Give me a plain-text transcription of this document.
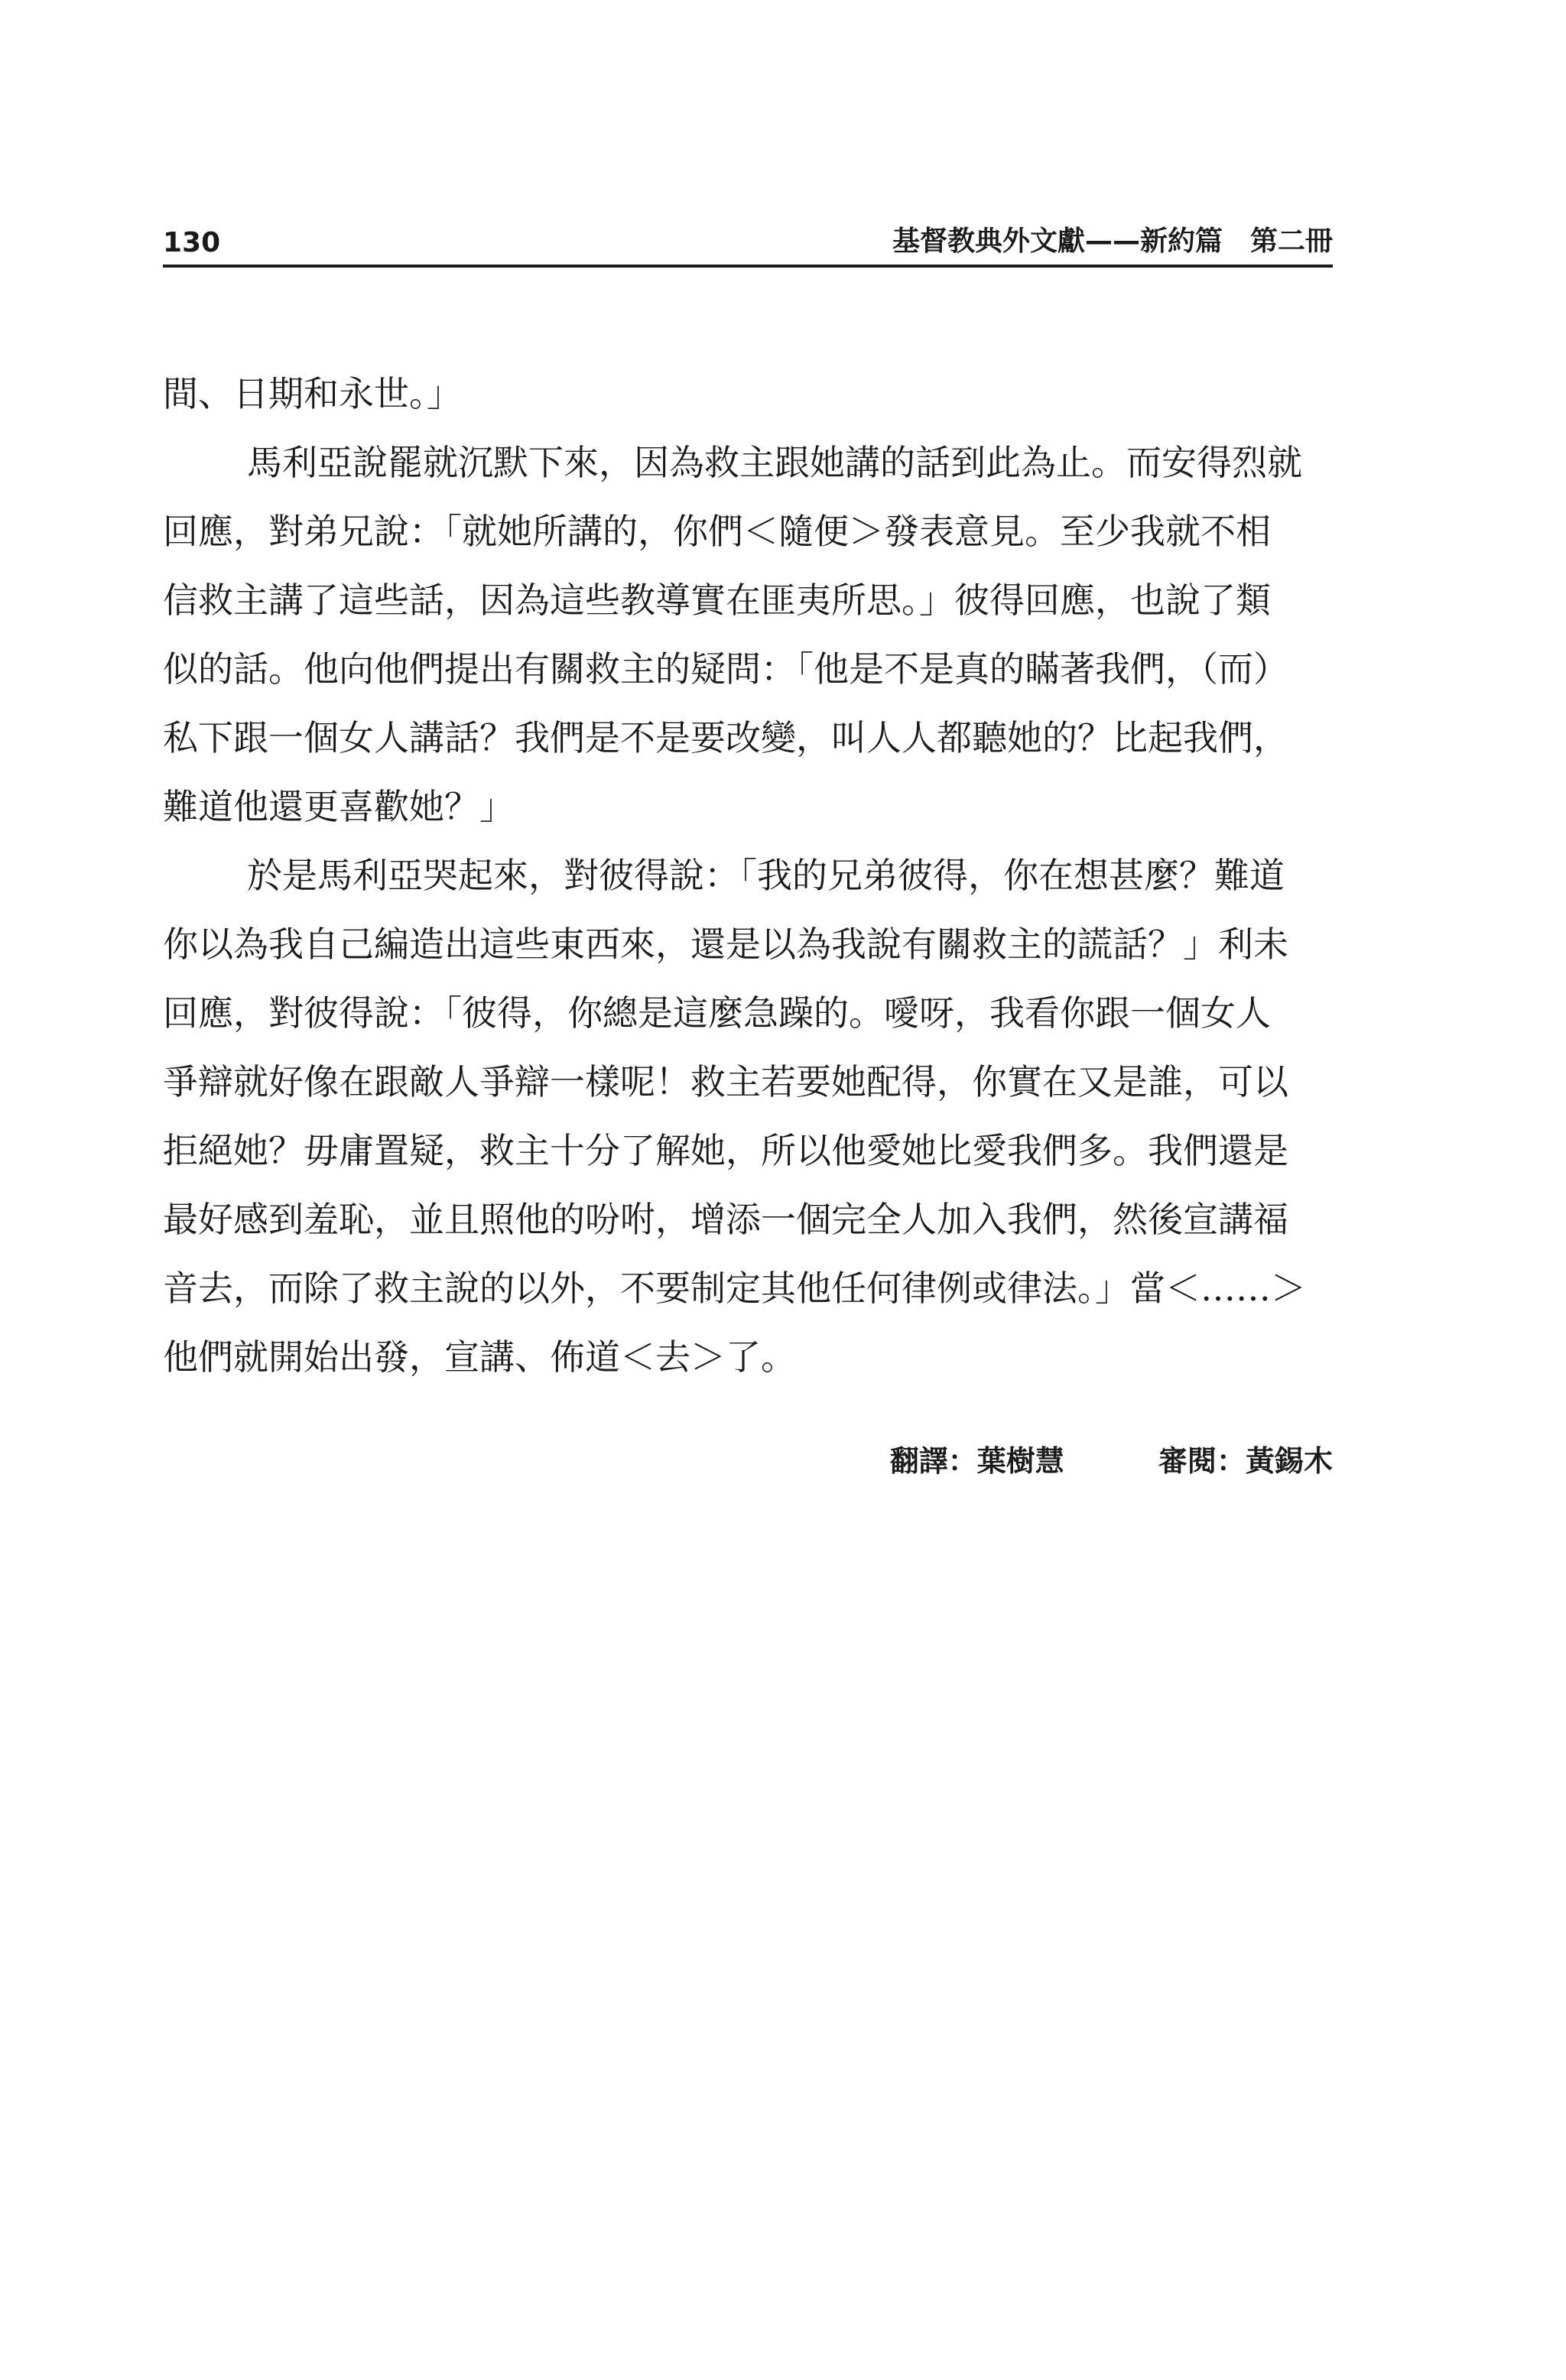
130	基督教典外文獻——新約篇　第二冊
間、日期和永世。」
馬利亞說罷就沉默下來，因為救主跟她講的話到此為止。而安得烈就
回應，對弟兄說：「就她所講的，你們＜隨便＞發表意見。至少我就不相
信救主講了這些話，因為這些教導實在匪夷所思。」彼得回應，也說了類
似的話。他向他們提出有關救主的疑問：「他是不是真的瞞著我們，（而）
私下跟一個女人講話？我們是不是要改變，叫人人都聽她的？比起我們，
難道他還更喜歡她？」
於是馬利亞哭起來，對彼得說：「我的兄弟彼得，你在想甚麼？難道
你以為我自己編造出這些東西來，還是以為我說有關救主的謊話？」利未
回應，對彼得說：「彼得，你總是這麼急躁的。噯呀，我看你跟一個女人
爭辯就好像在跟敵人爭辯一樣呢！救主若要她配得，你實在又是誰，可以
拒絕她？毋庸置疑，救主十分了解她，所以他愛她比愛我們多。我們還是
最好感到羞恥，並且照他的吩咐，增添一個完全人加入我們，然後宣講福
音去，而除了救主說的以外，不要制定其他任何律例或律法。」當＜……＞
他們就開始出發，宣講、佈道＜去＞了。
翻譯：葉樹慧	審閱：黃錫木
